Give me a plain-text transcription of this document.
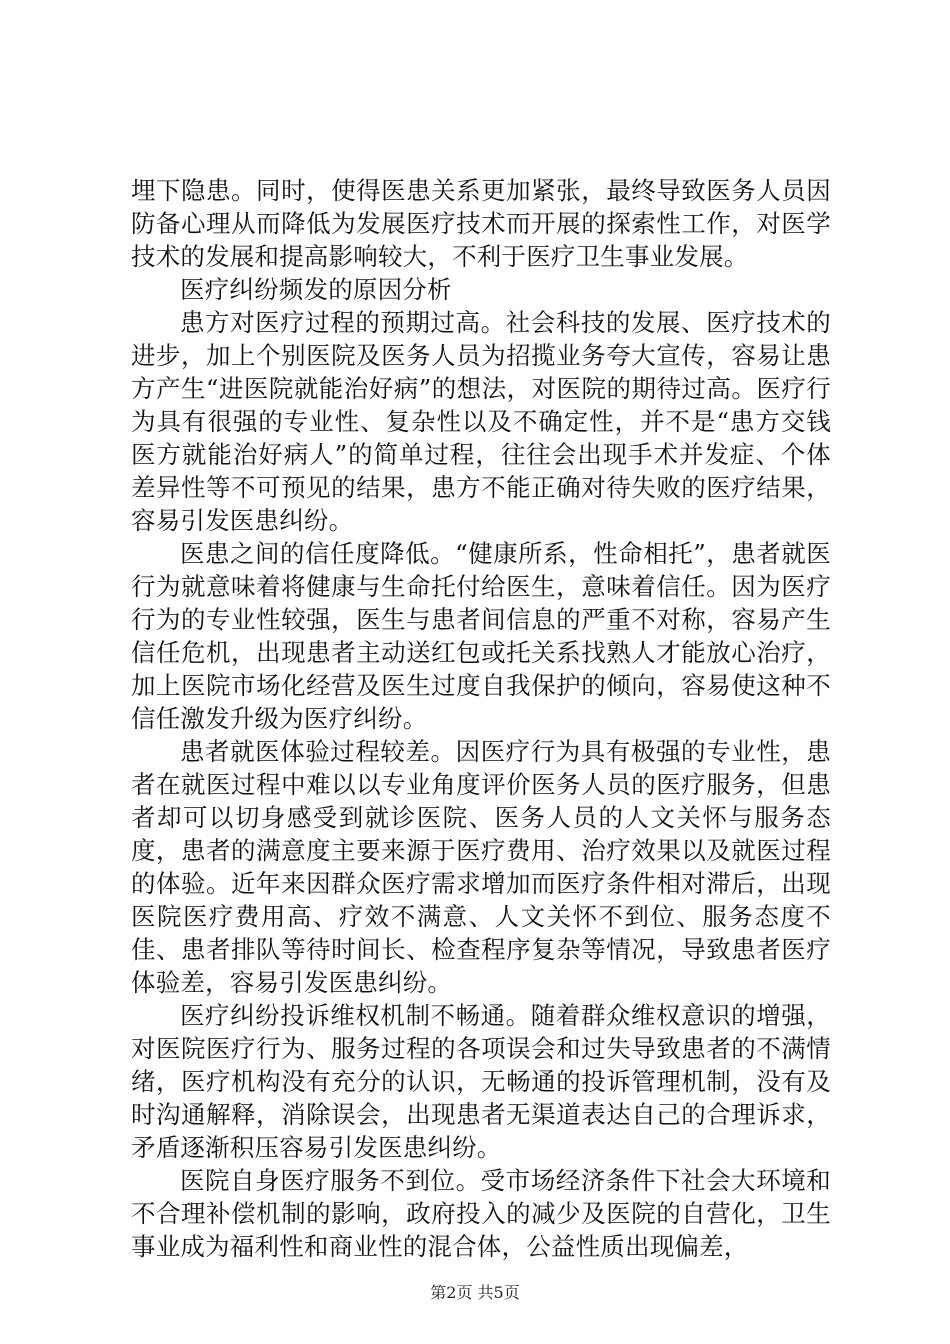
埋下隐患。同时，使得医患关系更加紧张，最终导致医务人员因防备心理从而降低为发展医疗技术而开展的探索性工作，对医学技术的发展和提高影响较大，不利于医疗卫生事业发展。

医疗纠纷频发的原因分析

患方对医疗过程的预期过高。社会科技的发展、医疗技术的进步，加上个别医院及医务人员为招揽业务夸大宣传，容易让患方产生“进医院就能治好病”的想法，对医院的期待过高。医疗行为具有很强的专业性、复杂性以及不确定性，并不是“患方交钱医方就能治好病人”的简单过程，往往会出现手术并发症、个体差异性等不可预见的结果，患方不能正确对待失败的医疗结果，容易引发医患纠纷。

医患之间的信任度降低。“健康所系，性命相托”，患者就医行为就意味着将健康与生命托付给医生，意味着信任。因为医疗行为的专业性较强，医生与患者间信息的严重不对称，容易产生信任危机，出现患者主动送红包或托关系找熟人才能放心治疗，加上医院市场化经营及医生过度自我保护的倾向，容易使这种不信任激发升级为医疗纠纷。

患者就医体验过程较差。因医疗行为具有极强的专业性，患者在就医过程中难以以专业角度评价医务人员的医疗服务，但患者却可以切身感受到就诊医院、医务人员的人文关怀与服务态度，患者的满意度主要来源于医疗费用、治疗效果以及就医过程的体验。近年来因群众医疗需求增加而医疗条件相对滞后，出现医院医疗费用高、疗效不满意、人文关怀不到位、服务态度不佳、患者排队等待时间长、检查程序复杂等情况，导致患者医疗体验差，容易引发医患纠纷。

医疗纠纷投诉维权机制不畅通。随着群众维权意识的增强，对医院医疗行为、服务过程的各项误会和过失导致患者的不满情绪，医疗机构没有充分的认识，无畅通的投诉管理机制，没有及时沟通解释，消除误会，出现患者无渠道表达自己的合理诉求，矛盾逐渐积压容易引发医患纠纷。

医院自身医疗服务不到位。受市场经济条件下社会大环境和不合理补偿机制的影响，政府投入的减少及医院的自营化，卫生事业成为福利性和商业性的混合体，公益性质出现偏差，

第2页 共5页
